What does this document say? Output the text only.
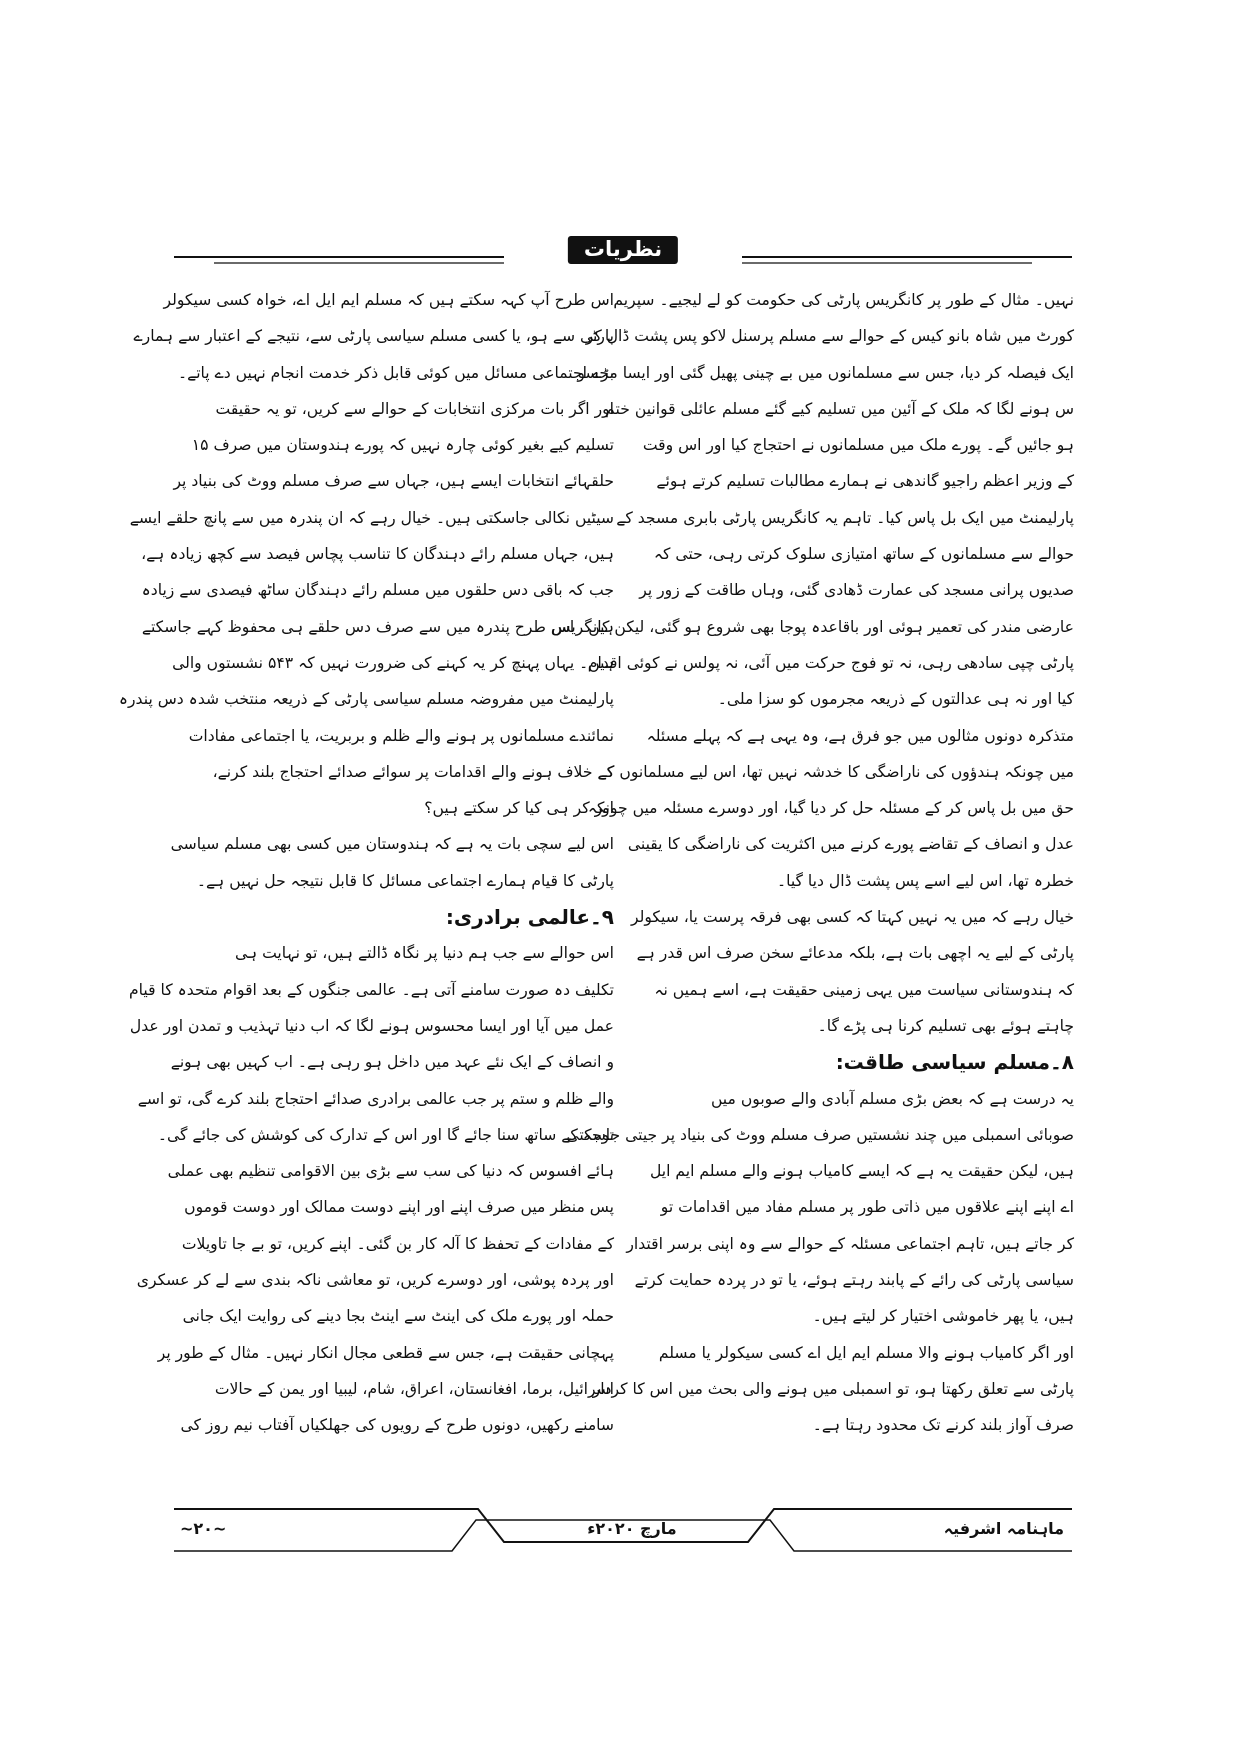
نظریات
نہیں۔ مثال کے طور پر کانگریس پارٹی کی حکومت کو لے لیجیے۔ سپریم
کورٹ میں شاہ بانو کیس کے حوالے سے مسلم پرسنل لاکو پس پشت ڈال کر
ایک فیصلہ کر دیا، جس سے مسلمانوں میں بے چینی پھیل گئی اور ایسا محسو
س ہونے لگا کہ ملک کے آئین میں تسلیم کیے گئے مسلم عائلی قوانین ختم
ہو جائیں گے۔ پورے ملک میں مسلمانوں نے احتجاج کیا اور اس وقت
کے وزیر اعظم راجیو گاندھی نے ہمارے مطالبات تسلیم کرتے ہوئے
پارلیمنٹ میں ایک بل پاس کیا۔ تاہم یہ کانگریس پارٹی بابری مسجد کے
حوالے سے مسلمانوں کے ساتھ امتیازی سلوک کرتی رہی، حتی کہ
صدیوں پرانی مسجد کی عمارت ڈھادی گئی، وہاں طاقت کے زور پر
عارضی مندر کی تعمیر ہوئی اور باقاعدہ پوجا بھی شروع ہو گئی، لیکن کانگریس
پارٹی چپی سادھی رہی، نہ تو فوج حرکت میں آئی، نہ پولس نے کوئی اقدام
کیا اور نہ ہی عدالتوں کے ذریعہ مجرموں کو سزا ملی۔
متذکرہ دونوں مثالوں میں جو فرق ہے، وہ یہی ہے کہ پہلے مسئلہ
میں چونکہ ہندؤوں کی ناراضگی کا خدشہ نہیں تھا، اس لیے مسلمانوں کے
حق میں بل پاس کر کے مسئلہ حل کر دیا گیا، اور دوسرے مسئلہ میں چونکہ
عدل و انصاف کے تقاضے پورے کرنے میں اکثریت کی ناراضگی کا یقینی
خطرہ تھا، اس لیے اسے پس پشت ڈال دیا گیا۔
خیال رہے کہ میں یہ نہیں کہتا کہ کسی بھی فرقہ پرست یا، سیکولر
پارٹی کے لیے یہ اچھی بات ہے، بلکہ مدعائے سخن صرف اس قدر ہے
کہ ہندوستانی سیاست میں یہی زمینی حقیقت ہے، اسے ہمیں نہ
چاہتے ہوئے بھی تسلیم کرنا ہی پڑے گا۔
۸۔مسلم سیاسی طاقت:
یہ درست ہے کہ بعض بڑی مسلم آبادی والے صوبوں میں
صوبائی اسمبلی میں چند نشستیں صرف مسلم ووٹ کی بنیاد پر جیتی جاسکتی
ہیں، لیکن حقیقت یہ ہے کہ ایسے کامیاب ہونے والے مسلم ایم ایل
اے اپنے اپنے علاقوں میں ذاتی طور پر مسلم مفاد میں اقدامات تو
کر جاتے ہیں، تاہم اجتماعی مسئلہ کے حوالے سے وہ اپنی برسر اقتدار
سیاسی پارٹی کی رائے کے پابند رہتے ہوئے، یا تو در پردہ حمایت کرتے
ہیں، یا پھر خاموشی اختیار کر لیتے ہیں۔
اور اگر کامیاب ہونے والا مسلم ایم ایل اے کسی سیکولر یا مسلم
پارٹی سے تعلق رکھتا ہو، تو اسمبلی میں ہونے والی بحث میں اس کا کردار
صرف آواز بلند کرنے تک محدود رہتا ہے۔
اس طرح آپ کہہ سکتے ہیں کہ مسلم ایم ایل اے، خواہ کسی سیکولر
پارٹی سے ہو، یا کسی مسلم سیاسی پارٹی سے، نتیجے کے اعتبار سے ہمارے
بڑے اجتماعی مسائل میں کوئی قابل ذکر خدمت انجام نہیں دے پاتے۔
اور اگر بات مرکزی انتخابات کے حوالے سے کریں، تو یہ حقیقت
تسلیم کیے بغیر کوئی چارہ نہیں کہ پورے ہندوستان میں صرف ۱۵
حلقہائے انتخابات ایسے ہیں، جہاں سے صرف مسلم ووٹ کی بنیاد پر
سیٹیں نکالی جاسکتی ہیں۔ خیال رہے کہ ان پندرہ میں سے پانچ حلقے ایسے
ہیں، جہاں مسلم رائے دہندگان کا تناسب پچاس فیصد سے کچھ زیادہ ہے،
جب کہ باقی دس حلقوں میں مسلم رائے دہندگان ساٹھ فیصدی سے زیادہ
ہیں۔ اس طرح پندرہ میں سے صرف دس حلقے ہی محفوظ کہے جاسکتے
ہیں۔ یہاں پہنچ کر یہ کہنے کی ضرورت نہیں کہ ۵۴۳ نشستوں والی
پارلیمنٹ میں مفروضہ مسلم سیاسی پارٹی کے ذریعہ منتخب شدہ دس پندرہ
نمائندے مسلمانوں پر ہونے والے ظلم و بربریت، یا اجتماعی مفادات
کے خلاف ہونے والے اقدامات پر سوائے صدائے احتجاج بلند کرنے،
اور کر ہی کیا کر سکتے ہیں؟
اس لیے سچی بات یہ ہے کہ ہندوستان میں کسی بھی مسلم سیاسی
پارٹی کا قیام ہمارے اجتماعی مسائل کا قابل نتیجہ حل نہیں ہے۔
۹۔عالمی برادری:
اس حوالے سے جب ہم دنیا پر نگاہ ڈالتے ہیں، تو نہایت ہی
تکلیف دہ صورت سامنے آتی ہے۔ عالمی جنگوں کے بعد اقوام متحدہ کا قیام
عمل میں آیا اور ایسا محسوس ہونے لگا کہ اب دنیا تہذیب و تمدن اور عدل
و انصاف کے ایک نئے عہد میں داخل ہو رہی ہے۔ اب کہیں بھی ہونے
والے ظلم و ستم پر جب عالمی برادری صدائے احتجاج بلند کرے گی، تو اسے
توجہ کے ساتھ سنا جائے گا اور اس کے تدارک کی کوشش کی جائے گی۔
ہائے افسوس کہ دنیا کی سب سے بڑی بین الاقوامی تنظیم بھی عملی
پس منظر میں صرف اپنے اور اپنے دوست ممالک اور دوست قوموں
کے مفادات کے تحفظ کا آلہ کار بن گئی۔ اپنے کریں، تو بے جا تاویلات
اور پردہ پوشی، اور دوسرے کریں، تو معاشی ناکہ بندی سے لے کر عسکری
حملہ اور پورے ملک کی اینٹ سے اینٹ بجا دینے کی روایت ایک جانی
پہچانی حقیقت ہے، جس سے قطعی مجال انکار نہیں۔ مثال کے طور پر
اسرائیل، برما، افغانستان، اعراق، شام، لیبیا اور یمن کے حالات
سامنے رکھیں، دونوں طرح کے رویوں کی جھلکیاں آفتاب نیم روز کی
ماہنامہ اشرفیہ
مارچ ۲۰۲۰ء
~۲۰~
